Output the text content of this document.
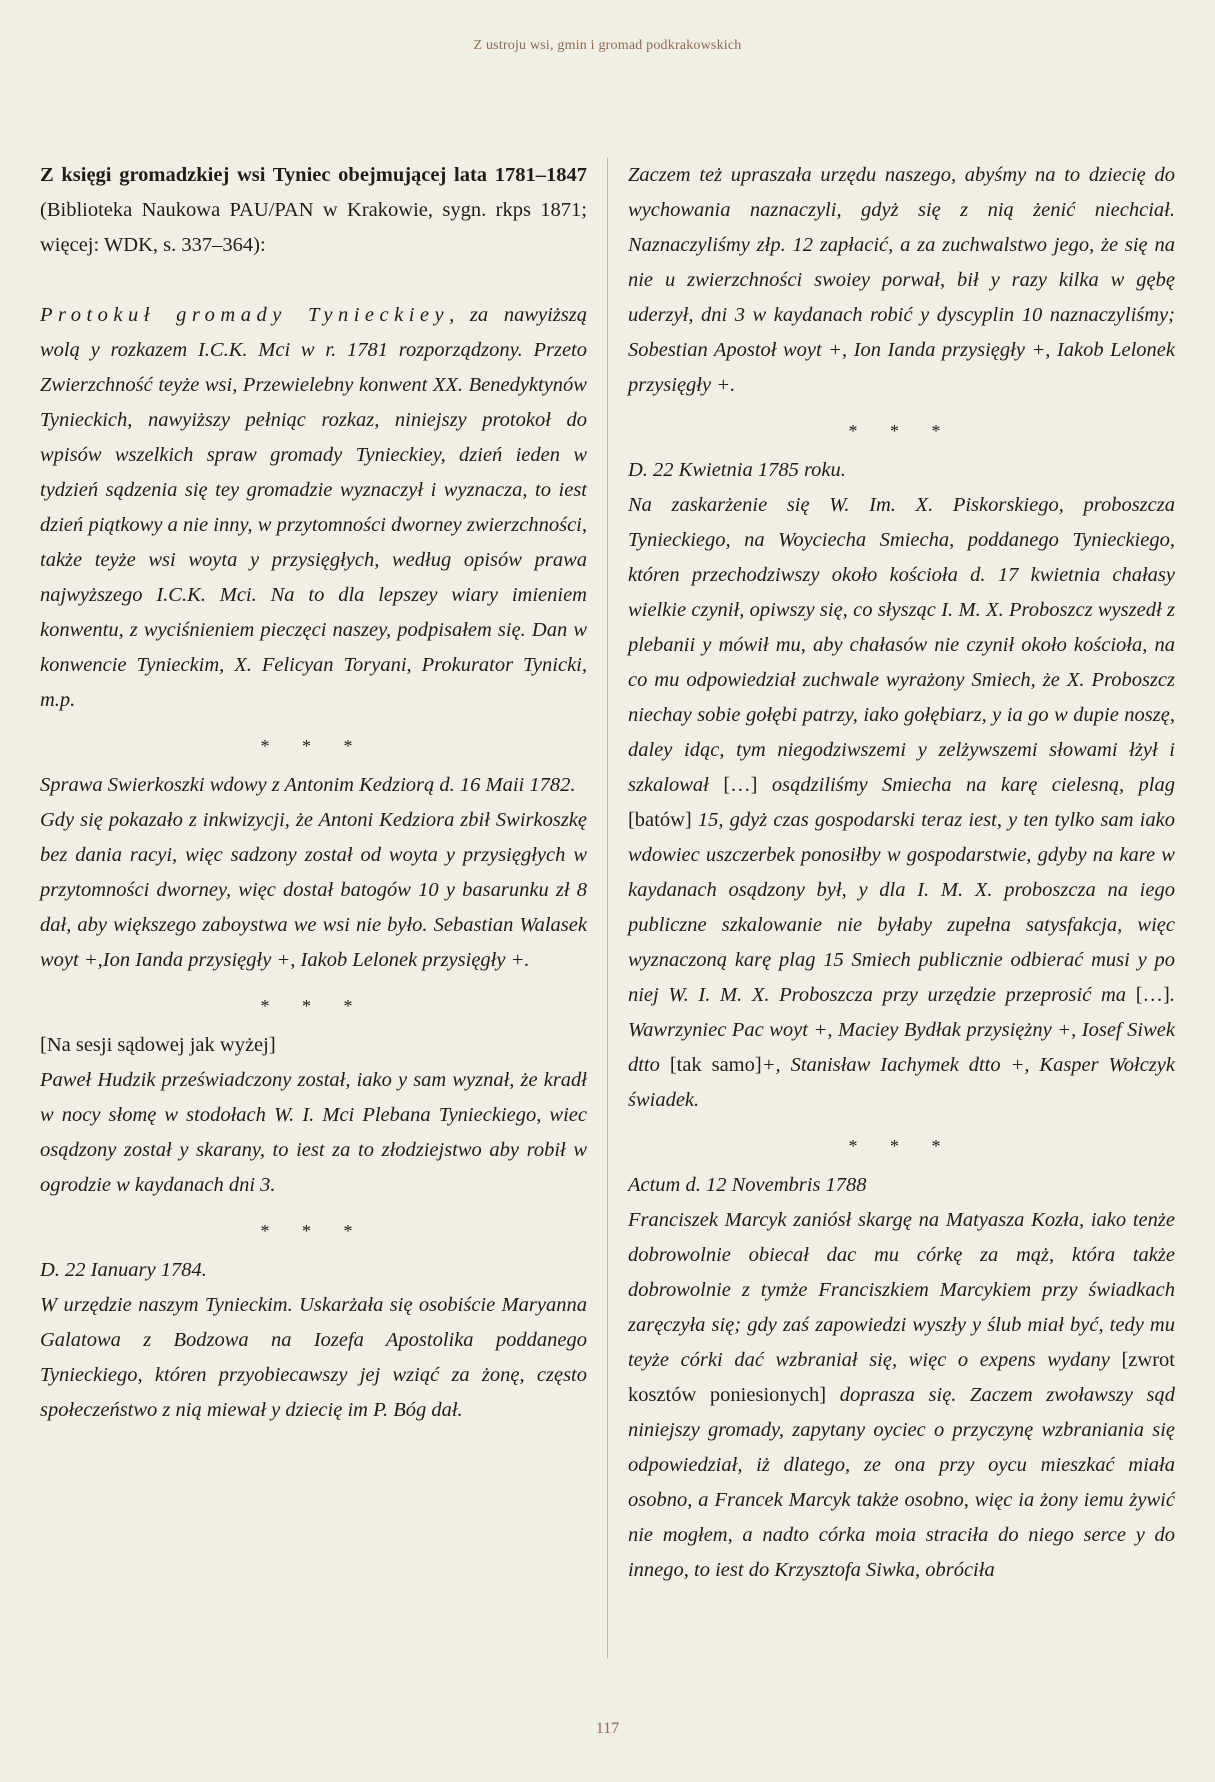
Z ustroju wsi, gmin i gromad podkrakowskich

Z księgi gromadzkiej wsi Tyniec obejmującej lata 1781–1847 (Biblioteka Naukowa PAU/PAN w Krakowie, sygn. rkps 1871; więcej: WDK, s. 337–364):

Protokuł gromady Tynieckiey, za nawyiższą wolą y rozkazem I.C.K. Mci w r. 1781 rozporządzony. Przeto Zwierzchność teyże wsi, Przewielebny konwent XX. Benedyktynów Tynieckich, nawyiższy pełniąc rozkaz, niniejszy protokoł do wpisów wszelkich spraw gromady Tynieckiey, dzień ieden w tydzień sądzenia się tey gromadzie wyznaczył i wyznacza, to iest dzień piątkowy a nie inny, w przytomności dworney zwierzchności, także teyże wsi woyta y przysięgłych, według opisów prawa najwyższego I.C.K. Mci. Na to dla lepszey wiary imieniem konwentu, z wyciśnieniem pieczęci naszey, podpisałem się. Dan w konwencie Tynieckim, X. Felicyan Toryani, Prokurator Tynicki, m.p.

* * *

Sprawa Swierkoszki wdowy z Antonim Kedziorą d. 16 Maii 1782.

Gdy się pokazało z inkwizycji, że Antoni Kedziora zbił Swirkoszkę bez dania racyi, więc sadzony został od woyta y przysięgłych w przytomności dworney, więc dostał batogów 10 y basarunku zł 8 dał, aby większego zaboystwa we wsi nie było. Sebastian Walasek woyt +,Ion Ianda przysięgły +, Iakob Lelonek przysięgły +.

* * *

[Na sesji sądowej jak wyżej]

Paweł Hudzik przeświadczony został, iako y sam wyznał, że kradł w nocy słomę w stodołach W. I. Mci Plebana Tynieckiego, wiec osądzony został y skarany, to iest za to złodziejstwo aby robił w ogrodzie w kaydanach dni 3.

* * *

D. 22 Ianuary 1784.

W urzędzie naszym Tynieckim. Uskarżała się osobiście Maryanna Galatowa z Bodzowa na Iozefa Apostolika poddanego Tynieckiego, któren przyobiecawszy jej wziąć za żonę, często społeczeństwo z nią miewał y dziecię im P. Bóg dał.

Zaczem też upraszała urzędu naszego, abyśmy na to dziecię do wychowania naznaczyli, gdyż się z nią żenić niechciał. Naznaczyliśmy złp. 12 zapłacić, a za zuchwalstwo jego, że się na nie u zwierzchności swoiey porwał, bił y razy kilka w gębę uderzył, dni 3 w kaydanach robić y dyscyplin 10 naznaczyliśmy; Sobestian Apostoł woyt +, Ion Ianda przysięgły +, Iakob Lelonek przysięgły +.

* * *

D. 22 Kwietnia 1785 roku.

Na zaskarżenie się W. Im. X. Piskorskiego, proboszcza Tynieckiego, na Woyciecha Smiecha, poddanego Tynieckiego, któren przechodziwszy około kościoła d. 17 kwietnia chałasy wielkie czynił, opiwszy się, co słysząc I. M. X. Proboszcz wyszedł z plebanii y mówił mu, aby chałasów nie czynił około kościoła, na co mu odpowiedział zuchwale wyrażony Smiech, że X. Proboszcz niechay sobie gołębi patrzy, iako gołębiarz, y ia go w dupie noszę, daley idąc, tym niegodziwszemi y zelżywszemi słowami łżył i szkalował […] osądziliśmy Smiecha na karę cielesną, plag [batów] 15, gdyż czas gospodarski teraz iest, y ten tylko sam iako wdowiec uszczerbek ponosiłby w gospodarstwie, gdyby na kare w kaydanach osądzony był, y dla I. M. X. proboszcza na iego publiczne szkalowanie nie byłaby zupełna satysfakcja, więc wyznaczoną karę plag 15 Smiech publicznie odbierać musi y po niej W. I. M. X. Proboszcza przy urzędzie przeprosić ma […]. Wawrzyniec Pac woyt +, Maciey Bydłak przysiężny +, Iosef Siwek dtto [tak samo]+, Stanisław Iachymek dtto +, Kasper Wołczyk świadek.

* * *

Actum d. 12 Novembris 1788

Franciszek Marcyk zaniósł skargę na Matyasza Kozła, iako tenże dobrowolnie obiecał dac mu córkę za mąż, która także dobrowolnie z tymże Franciszkiem Marcykiem przy świadkach zaręczyła się; gdy zaś zapowiedzi wyszły y ślub miał być, tedy mu teyże córki dać wzbraniał się, więc o expens wydany [zwrot kosztów poniesionych] doprasza się. Zaczem zwoławszy sąd niniejszy gromady, zapytany oyciec o przyczynę wzbraniania się odpowiedział, iż dlatego, ze ona przy oycu mieszkać miała osobno, a Francek Marcyk także osobno, więc ia żony iemu żywić nie mogłem, a nadto córka moia straciła do niego serce y do innego, to iest do Krzysztofa Siwka, obróciła

117
